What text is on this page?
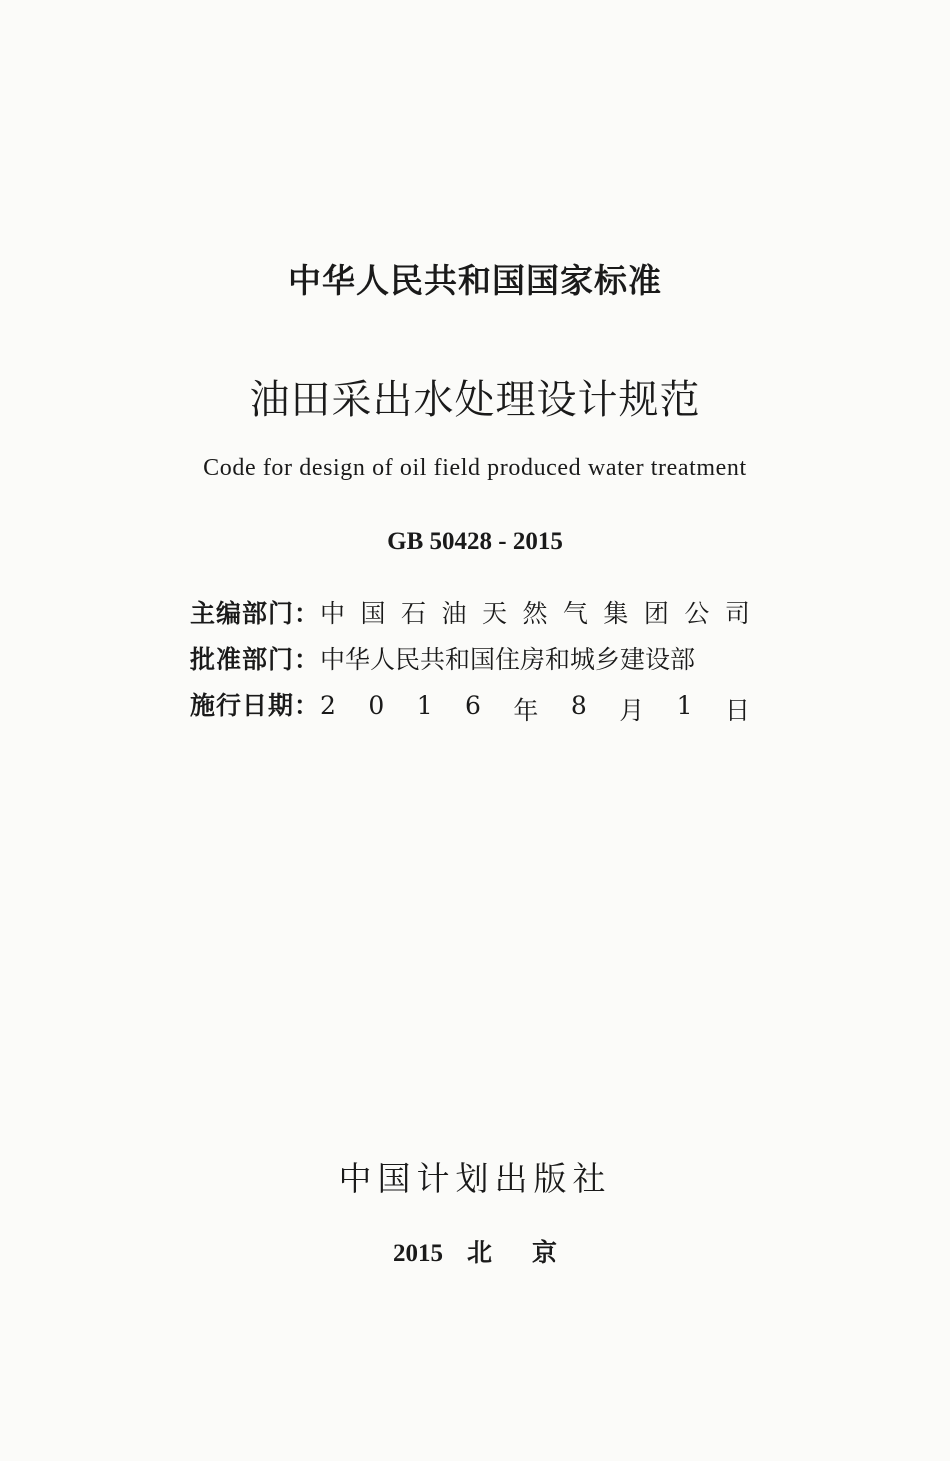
中华人民共和国国家标准
油田采出水处理设计规范
Code for design of oil field produced water treatment
GB 50428 - 2015
主编部门： 中 国 石 油 天 然 气 集 团 公 司
批准部门： 中华人民共和国住房和城乡建设部
施行日期： 2 0 1 6 年 8 月 1 日
中国计划出版社
2015 北 京
